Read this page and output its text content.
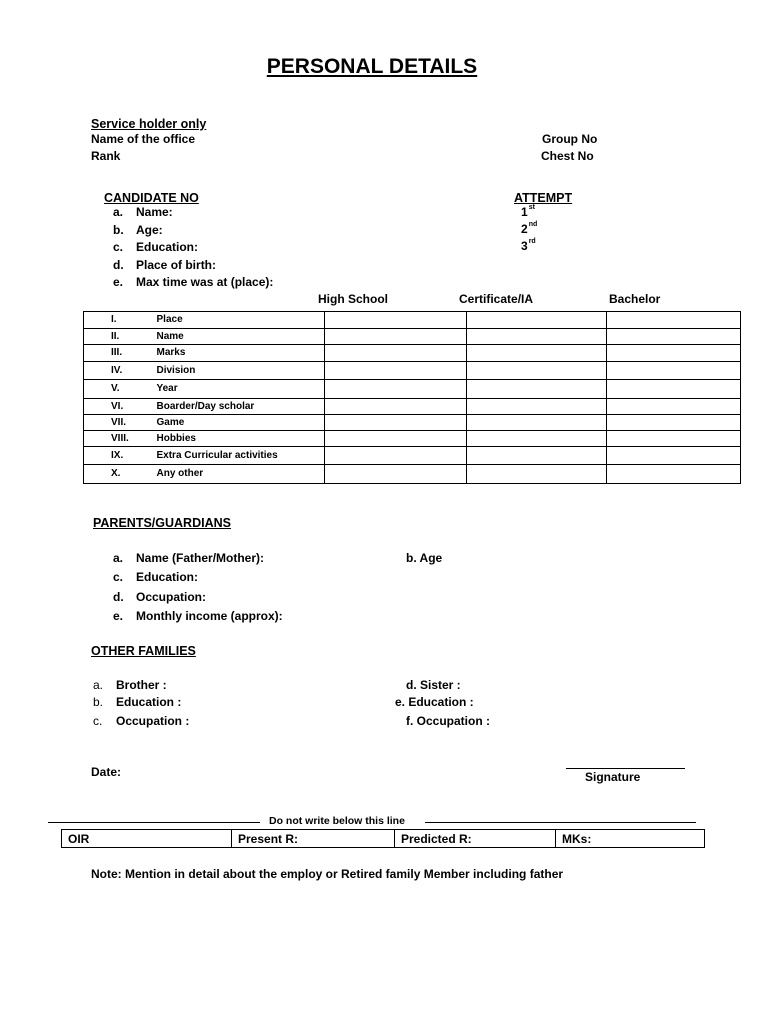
PERSONAL DETAILS
Service holder only
Name of the office
Rank
Group No
Chest No
CANDIDATE NO	ATTEMPT
a. Name:
b. Age:
c. Education:
d. Place of birth:
e. Max time was at (place):
1st
2nd
3rd
High School	Certificate/IA	Bachelor
I.	Place			
II.	Name			
III.	Marks			
IV.	Division			
V.	Year			
VI.	Boarder/Day scholar			
VII.	Game			
VIII.	Hobbies			
IX.	Extra Curricular activities			
X.	Any other			
PARENTS/GUARDIANS
a. Name (Father/Mother):
c. Education:
d. Occupation:
e. Monthly income (approx):
b. Age
OTHER FAMILIES
a. Brother :
b. Education :
c. Occupation :
d. Sister :
e. Education :
f. Occupation :
Date:	Signature
Do not write below this line
OIR	Present R:	Predicted R:	MKs:
Note: Mention in detail about the employ or Retired family Member including father
